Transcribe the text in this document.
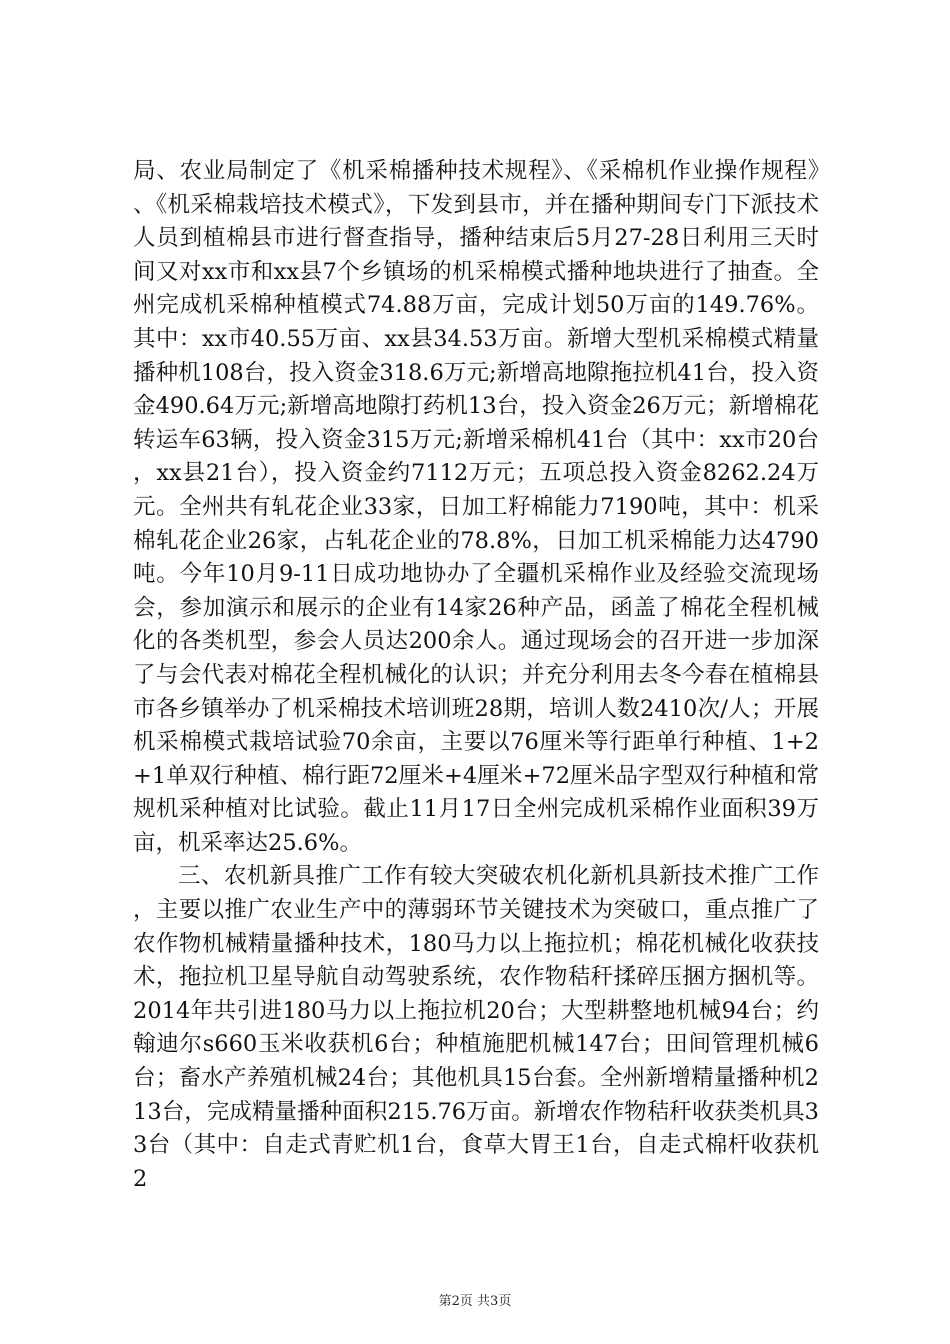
局、农业局制定了《机采棉播种技术规程》、《采棉机作业操作规程》、《机采棉栽培技术模式》，下发到县市，并在播种期间专门下派技术人员到植棉县市进行督查指导，播种结束后5月27-28日利用三天时间又对xx市和xx县7个乡镇场的机采棉模式播种地块进行了抽查。全州完成机采棉种植模式74.88万亩，完成计划50万亩的149.76%。其中：xx市40.55万亩、xx县34.53万亩。新增大型机采棉模式精量播种机108台，投入资金318.6万元;新增高地隙拖拉机41台，投入资金490.64万元;新增高地隙打药机13台，投入资金26万元；新增棉花转运车63辆，投入资金315万元;新增采棉机41台（其中：xx市20台，xx县21台），投入资金约7112万元；五项总投入资金8262.24万元。全州共有轧花企业33家，日加工籽棉能力7190吨，其中：机采棉轧花企业26家，占轧花企业的78.8%，日加工机采棉能力达4790吨。今年10月9-11日成功地协办了全疆机采棉作业及经验交流现场会，参加演示和展示的企业有14家26种产品，函盖了棉花全程机械化的各类机型，参会人员达200余人。通过现场会的召开进一步加深了与会代表对棉花全程机械化的认识；并充分利用去冬今春在植棉县市各乡镇举办了机采棉技术培训班28期，培训人数2410次/人；开展机采棉模式栽培试验70余亩，主要以76厘米等行距单行种植、1+2+1单双行种植、棉行距72厘米+4厘米+72厘米品字型双行种植和常规机采种植对比试验。截止11月17日全州完成机采棉作业面积39万亩，机采率达25.6%。

三、农机新具推广工作有较大突破农机化新机具新技术推广工作，主要以推广农业生产中的薄弱环节关键技术为突破口，重点推广了农作物机械精量播种技术，180马力以上拖拉机；棉花机械化收获技术，拖拉机卫星导航自动驾驶系统，农作物秸秆揉碎压捆方捆机等。2014年共引进180马力以上拖拉机20台；大型耕整地机械94台；约翰迪尔s660玉米收获机6台；种植施肥机械147台；田间管理机械6台；畜水产养殖机械24台；其他机具15台套。全州新增精量播种机213台，完成精量播种面积215.76万亩。新增农作物秸秆收获类机具33台（其中：自走式青贮机1台，食草大胃王1台，自走式棉杆收获机2

第2页 共3页
